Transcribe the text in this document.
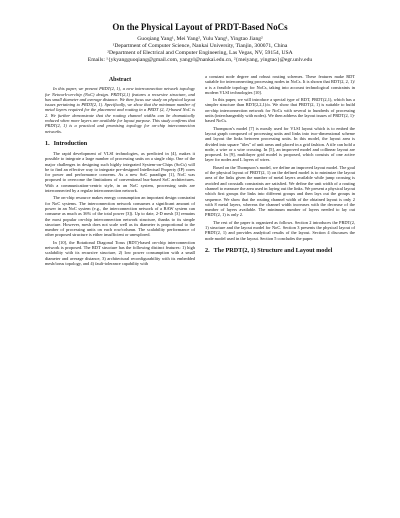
On the Physical Layout of PRDT-Based NoCs
Guoqiang Yang¹, Mei Yang², Yulu Yang¹, Yingtao Jiang²
¹Department of Computer Science, Nankai University, Tianjin, 300071, China
²Department of Electrical and Computer Engineering, Las Vegas, NV, 59154, USA
Emails: ¹{ykyangguoqiang@gmail.com, yangyl@nankai.edu.cn, ²{meiyang, yingtao}@egr.unlv.edu
Abstract

In this paper, we present PRDT(2, 1), a new interconnection network topology for Network-on-chip (NoC) design. PRDT(2,1) features a recursive structure, and has small diameter and average distance. We then focus our study on physical layout issues pertaining to PRDT(2, 1). Specifically, we show that the minimum number of metal layers required for the placement and routing in a PRDT (2, 1)-based NoC is 2. We further demonstrate that the routing channel widths can be dramatically reduced when more layers are available for layout purpose. This study confirms that PRDT(2, 1) is a practical and promising topology for on-chip interconnection networks.

1. Introduction

The rapid development of VLSI technologies, as predicted in [4], makes it possible to integrate a large number of processing units on a single chip. One of the major challenges in designing such highly integrated System-on-Chips (SoCs) will be to find an effective way to integrate pre-designed Intellectual Property (IP) cores for power and performance concerns. As a new SoC paradigm [1], NoC was proposed to overcome the limitations of conventional bus-based SoC architectures. With a communication-centric style, in an NoC system, processing units are interconnected by a regular interconnection network.

The on-chip resource makes energy consumption an important design constraint for NoC systems. The interconnection network consumes a significant amount of power in an NoC system (e.g., the interconnection network of a RAW system can consume as much as 36% of the total power [3]). Up to date, 2-D mesh [3] remains the most popular on-chip interconnection network structure, thanks to its simple structure. However, mesh does not scale well as its diameter is proportional to the number of processing units on each row/column. The scalability performance of other proposed structure is either insufficient or unexplored.

In [10], the Rotational Diagonal Torus (RDT)-based on-chip interconnection network is proposed. The RDT structure has the following distinct features: 1) high scalability with its recursive structure, 2) low power consumption with a small diameter and average distance, 3) architectural reconfigurability with its embedded mesh/torus topology, and 4) fault-tolerance capability with

a constant node degree and robust routing schemes. These features make RDT suitable for interconnecting processing nodes in NoCs. It is shown that RDT(2, 2, 1)/α is a feasible topology for NoCs, taking into account technological constraints in modern VLSI technologies [10].

In this paper, we will introduce a special type of RDT, PRDT(2,1), which has a simpler structure than RDT(2,2,1)/α. We show that PRDT(2, 1) is suitable to build on-chip interconnection network for NoCs with several to hundreds of processing units (interchangeably with nodes). We then address the layout issues of PRDT(2, 1)-based NoCs.

Thompson’s model [7] is mostly used for VLSI layout which is to embed the layout graph composed of processing units and links into two-dimensional scheme and layout the links between processing units. In this model, the layout area is divided into square "tiles" of unit areas and placed in a grid fashion. A tile can hold a node, a wire or a wire crossing. In [5], an improved model and collinear layout are proposed. In [9], multilayer grid model is proposed, which consists of one active layer for nodes and L layers of wires.

Based on the Thompson’s model, we define an improved layout model. The goal of the physical layout of PRDT(2, 1) on the defined model is to minimize the layout area of the links given the number of metal layers available while jump crossing is avoided and crosstalk constraints are satisfied. We define the unit width of a routing channel to measure the area used in laying out the links. We present a physical layout which first groups the links into different groups and then lays out the groups in sequence. We show that the routing channel width of the obtained layout is only 2 with 8 metal layers, whereas the channel width increases with the decrease of the number of layers available. The minimum number of layers needed to lay out PRDT(2, 1) is only 2.

The rest of the paper is organized as follows. Section 2 introduces the PRDT(2, 1) structure and the layout model for NoC. Section 3 presents the physical layout of PRDT(2, 1) and provides analytical results of the layout. Section 4 discusses the node model used in the layout. Section 5 concludes the paper.

2. The PRDT(2, 1) Structure and Layout model
